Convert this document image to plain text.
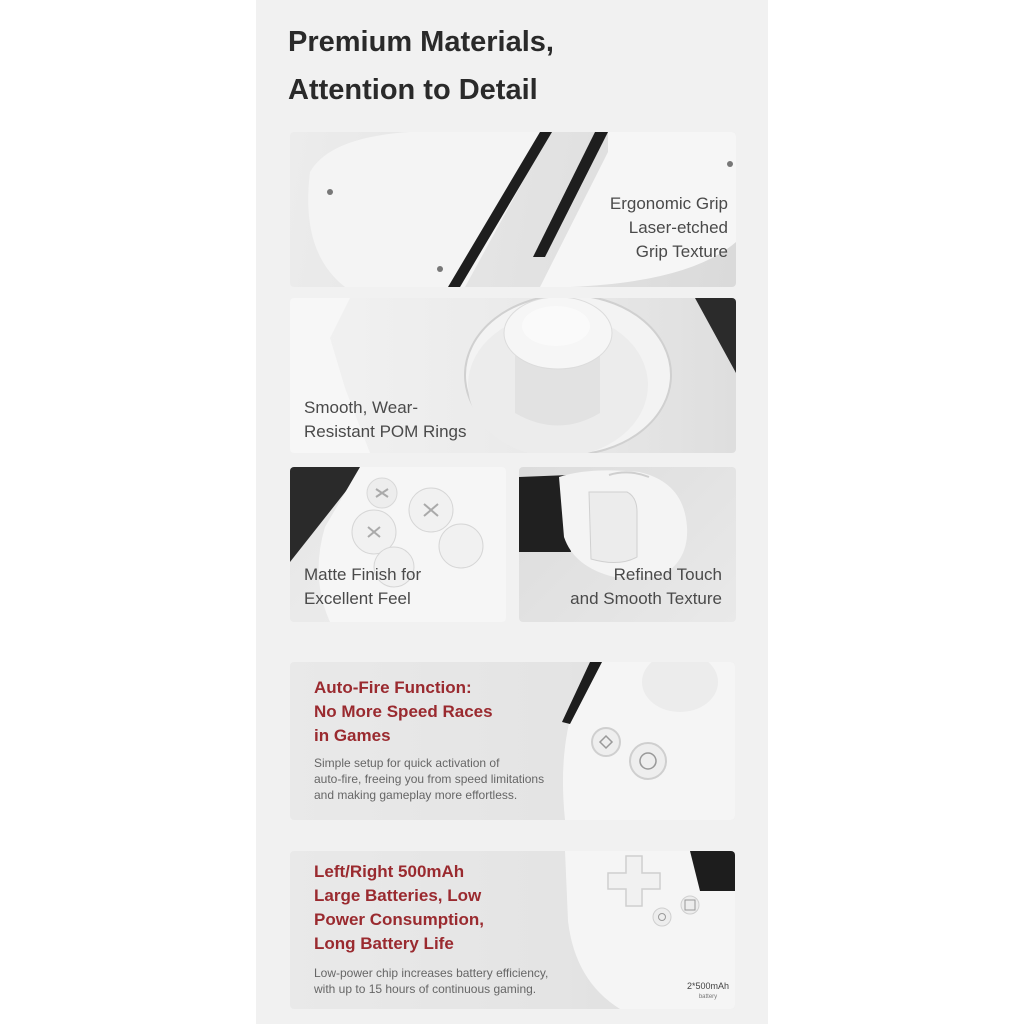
Premium Materials,
Attention to Detail

Ergonomic Grip
Laser-etched
Grip Texture

Smooth, Wear-
Resistant POM Rings

Matte Finish for
Excellent Feel

Refined Touch
and Smooth Texture

Auto-Fire Function:
No More Speed Races
in Games

Simple setup for quick activation of
auto-fire, freeing you from speed limitations
and making gameplay more effortless.

2*500mAh
battery

Left/Right 500mAh
Large Batteries, Low
Power Consumption,
Long Battery Life

Low-power chip increases battery efficiency,
with up to 15 hours of continuous gaming.
